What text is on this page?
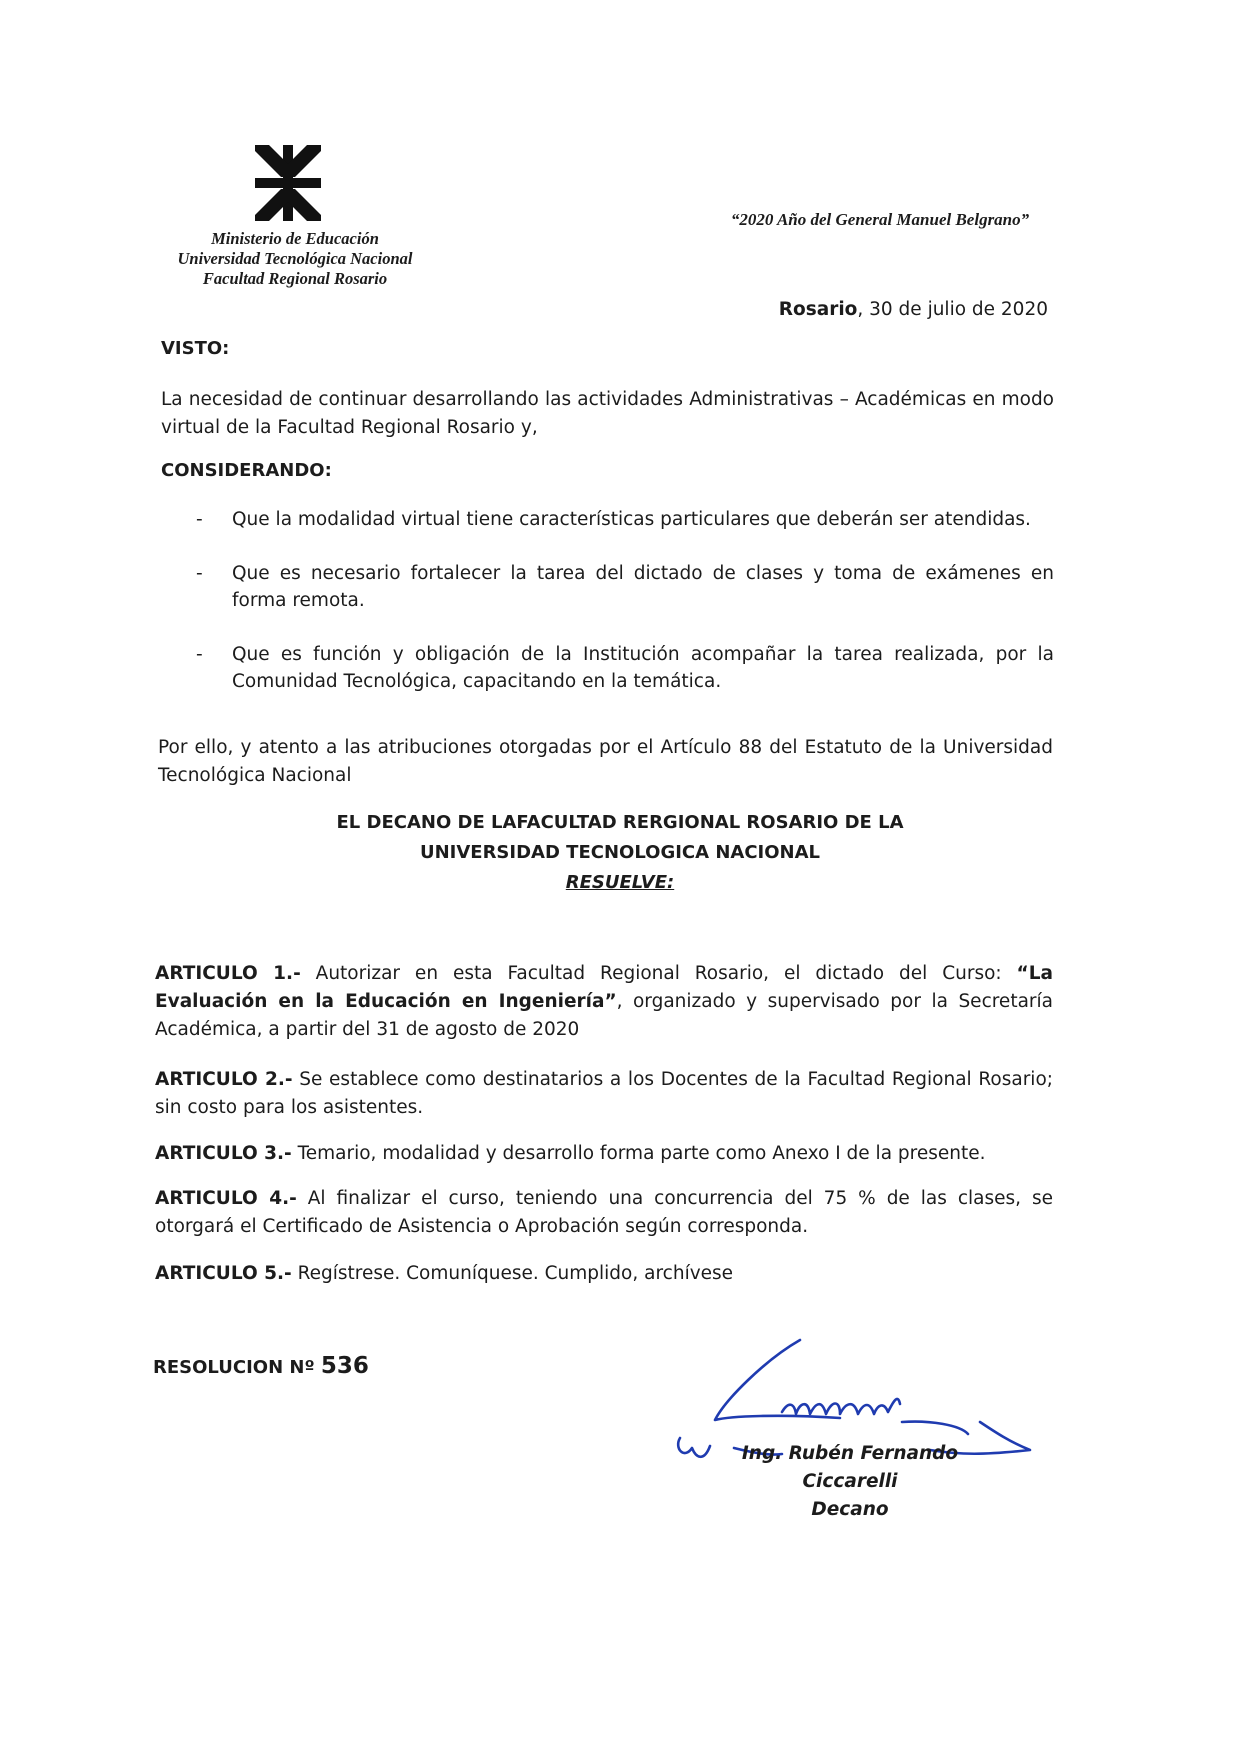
Ministerio de Educación
Universidad Tecnológica Nacional
Facultad Regional Rosario
“2020 Año del General Manuel Belgrano”
Rosario, 30 de julio de 2020
VISTO:
La necesidad de continuar desarrollando las actividades Administrativas – Académicas en modo virtual de la Facultad Regional Rosario y,
CONSIDERANDO:
- Que la modalidad virtual tiene características particulares que deberán ser atendidas.
- Que es necesario fortalecer la tarea del dictado de clases y toma de exámenes en forma remota.
- Que es función y obligación de la Institución acompañar la tarea realizada, por la Comunidad Tecnológica, capacitando en la temática.
Por ello, y atento a las atribuciones otorgadas por el Artículo 88 del Estatuto de la Universidad Tecnológica Nacional
EL DECANO DE LAFACULTAD RERGIONAL ROSARIO DE LA
UNIVERSIDAD TECNOLOGICA NACIONAL
RESUELVE:
ARTICULO 1.- Autorizar en esta Facultad Regional Rosario, el dictado del Curso: “La Evaluación en la Educación en Ingeniería”, organizado y supervisado por la Secretaría Académica, a partir del 31 de agosto de 2020
ARTICULO 2.- Se establece como destinatarios a los Docentes de la Facultad Regional Rosario; sin costo para los asistentes.
ARTICULO 3.- Temario, modalidad y desarrollo forma parte como Anexo I de la presente.
ARTICULO 4.- Al finalizar el curso, teniendo una concurrencia del 75 % de las clases, se otorgará el Certificado de Asistencia o Aprobación según corresponda.
ARTICULO 5.- Regístrese. Comuníquese. Cumplido, archívese
RESOLUCION Nº 536
Ing. Rubén Fernando Ciccarelli
Decano
